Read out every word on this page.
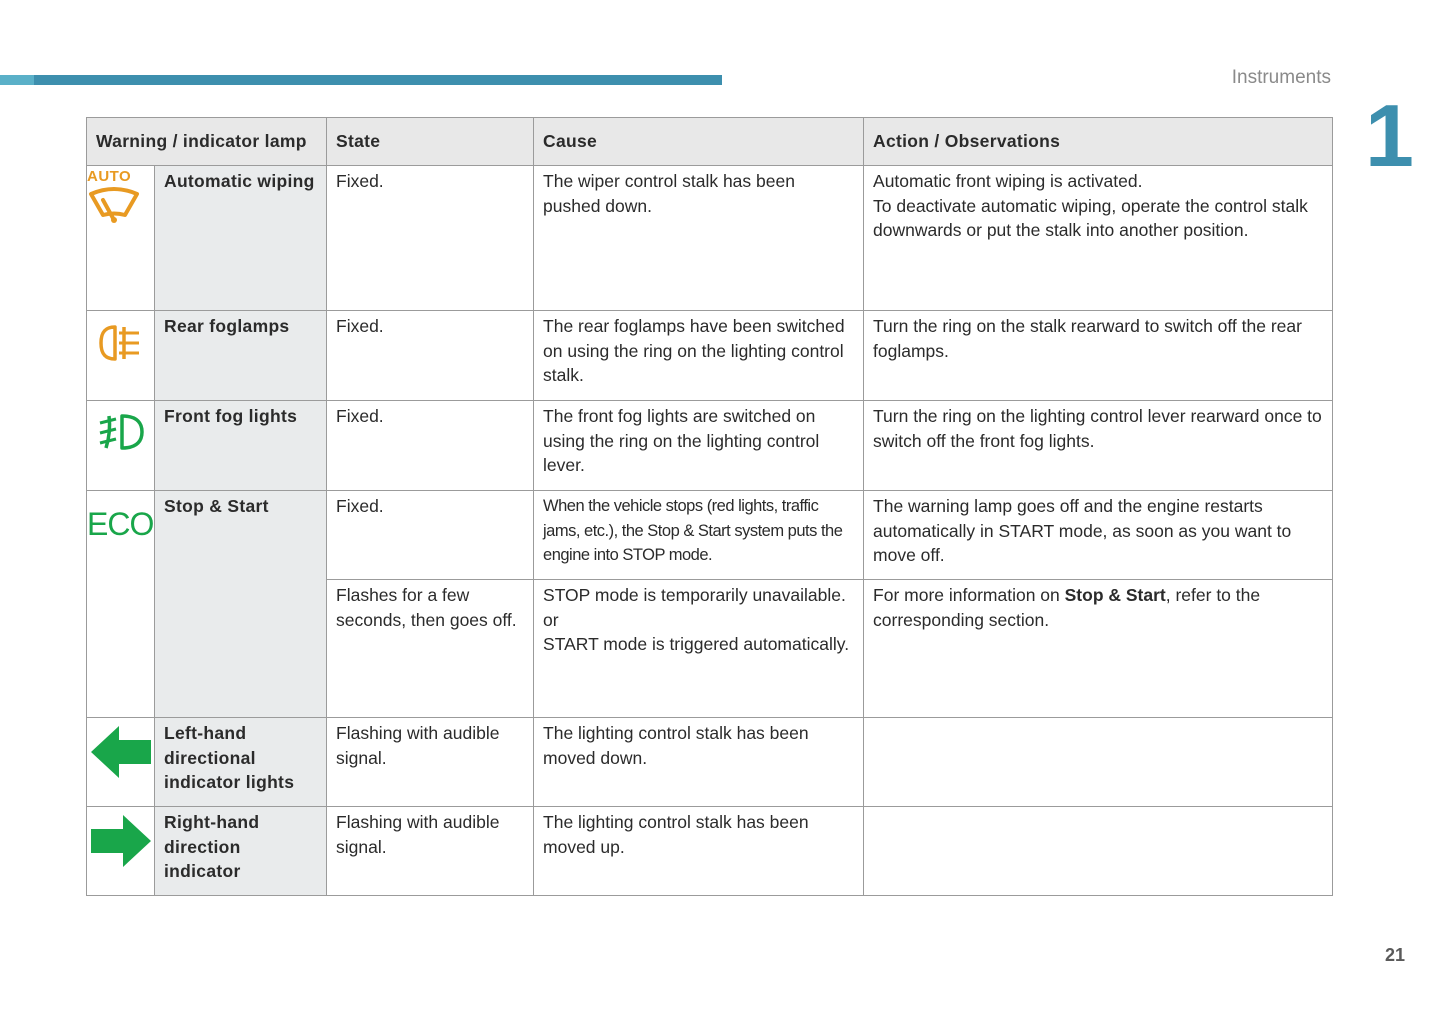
Instruments
1
Warning / indicator lamp		State	Cause	Action / Observations

AUTO	Automatic wiping	Fixed.	The wiper control stalk has been pushed down.	Automatic front wiping is activated.
To deactivate automatic wiping, operate the control stalk downwards or put the stalk into another position.

	Rear foglamps	Fixed.	The rear foglamps have been switched on using the ring on the lighting control stalk.	Turn the ring on the stalk rearward to switch off the rear foglamps.

	Front fog lights	Fixed.	The front fog lights are switched on using the ring on the lighting control lever.	Turn the ring on the lighting control lever rearward once to switch off the front fog lights.

ECO	Stop & Start	Fixed.	When the vehicle stops (red lights, traffic jams, etc.), the Stop & Start system puts the engine into STOP mode.	The warning lamp goes off and the engine restarts automatically in START mode, as soon as you want to move off.
		Flashes for a few seconds, then goes off.	STOP mode is temporarily unavailable.
or
START mode is triggered automatically.	For more information on Stop & Start, refer to the corresponding section.

	Left-hand directional indicator lights	Flashing with audible signal.	The lighting control stalk has been moved down.	

	Right-hand direction indicator	Flashing with audible signal.	The lighting control stalk has been moved up.	
21
